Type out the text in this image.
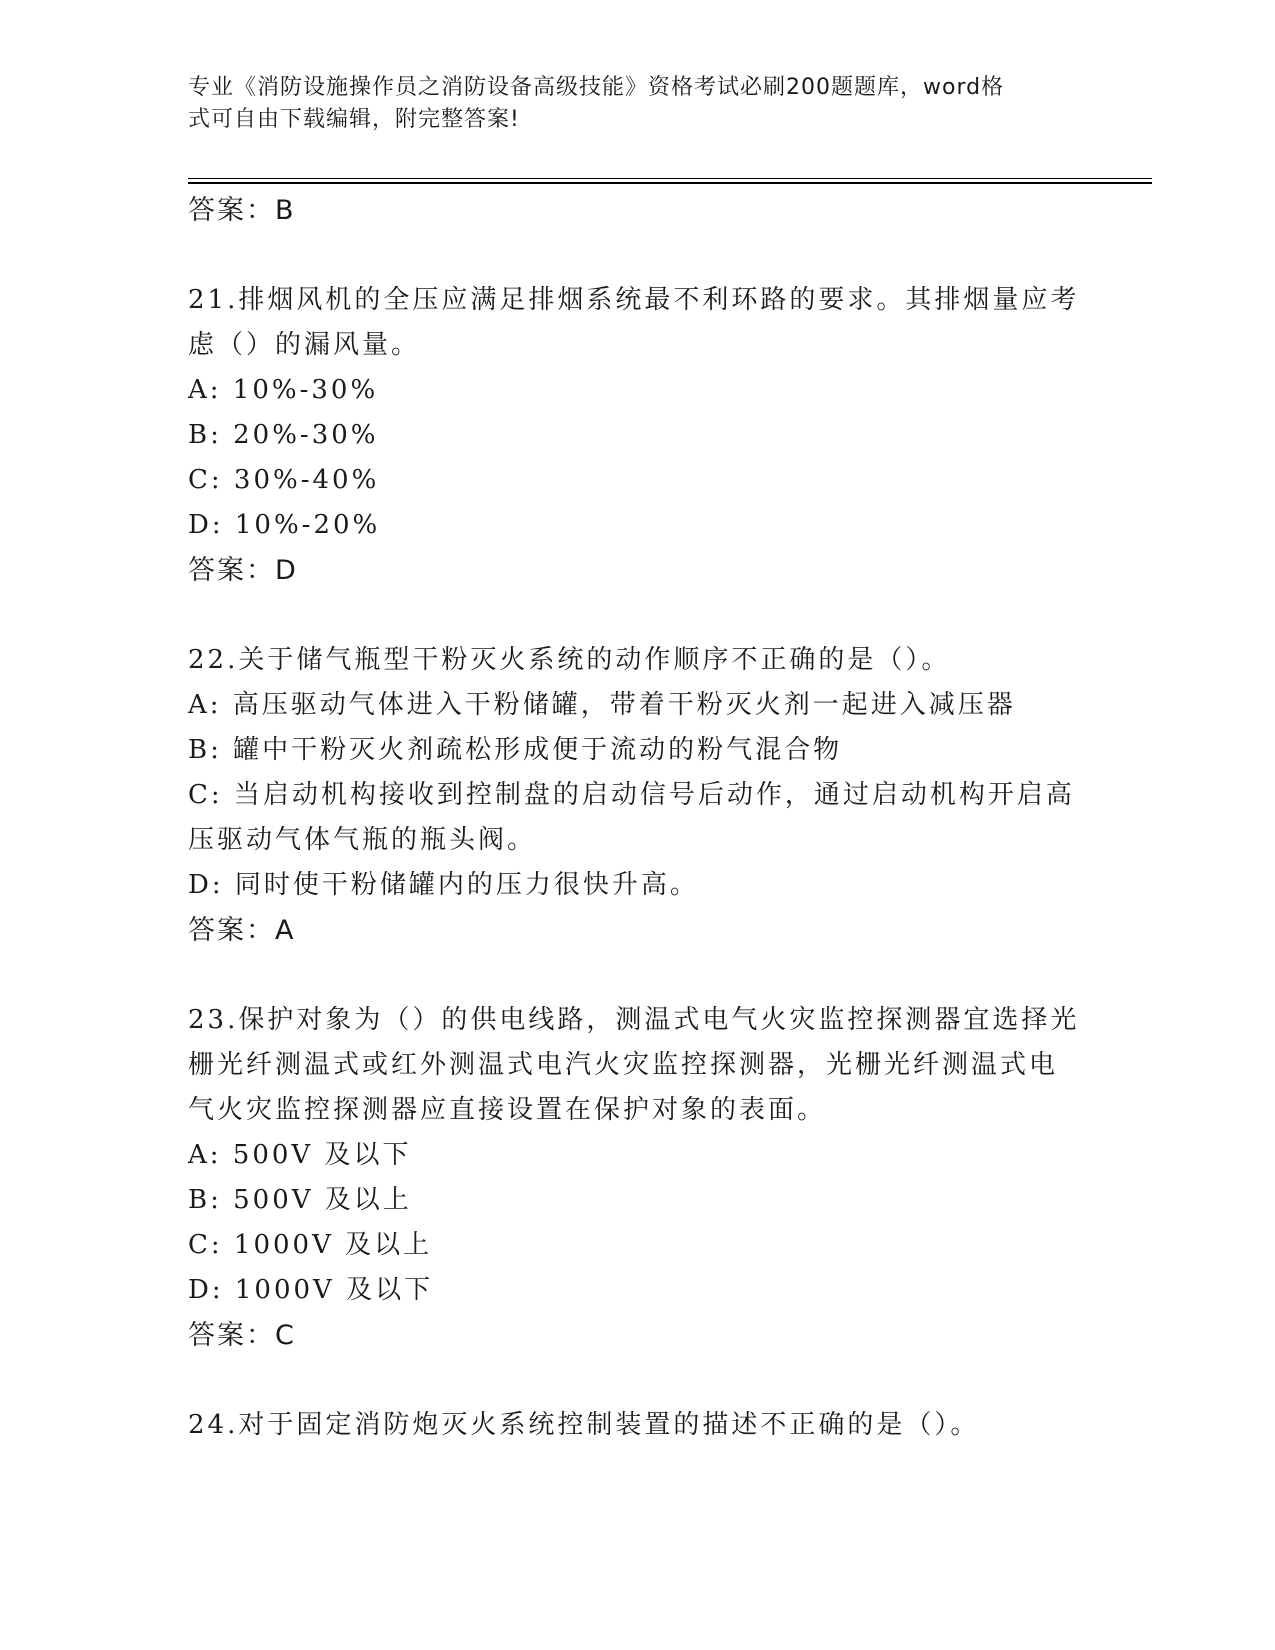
专业《消防设施操作员之消防设备高级技能》资格考试必刷200题题库，word格
式可自由下载编辑，附完整答案!
答案：B
21.排烟风机的全压应满足排烟系统最不利环路的要求。其排烟量应考
虑（）的漏风量。
A: 10%-30%
B: 20%-30%
C: 30%-40%
D: 10%-20%
答案：D
22.关于储气瓶型干粉灭火系统的动作顺序不正确的是（）。
A: 高压驱动气体进入干粉储罐，带着干粉灭火剂一起进入减压器
B: 罐中干粉灭火剂疏松形成便于流动的粉气混合物
C: 当启动机构接收到控制盘的启动信号后动作，通过启动机构开启高
压驱动气体气瓶的瓶头阀。
D: 同时使干粉储罐内的压力很快升高。
答案：A
23.保护对象为（）的供电线路，测温式电气火灾监控探测器宜选择光
栅光纤测温式或红外测温式电汽火灾监控探测器，光栅光纤测温式电
气火灾监控探测器应直接设置在保护对象的表面。
A: 500V 及以下
B: 500V 及以上
C: 1000V 及以上
D: 1000V 及以下
答案：C
24.对于固定消防炮灭火系统控制装置的描述不正确的是（）。
